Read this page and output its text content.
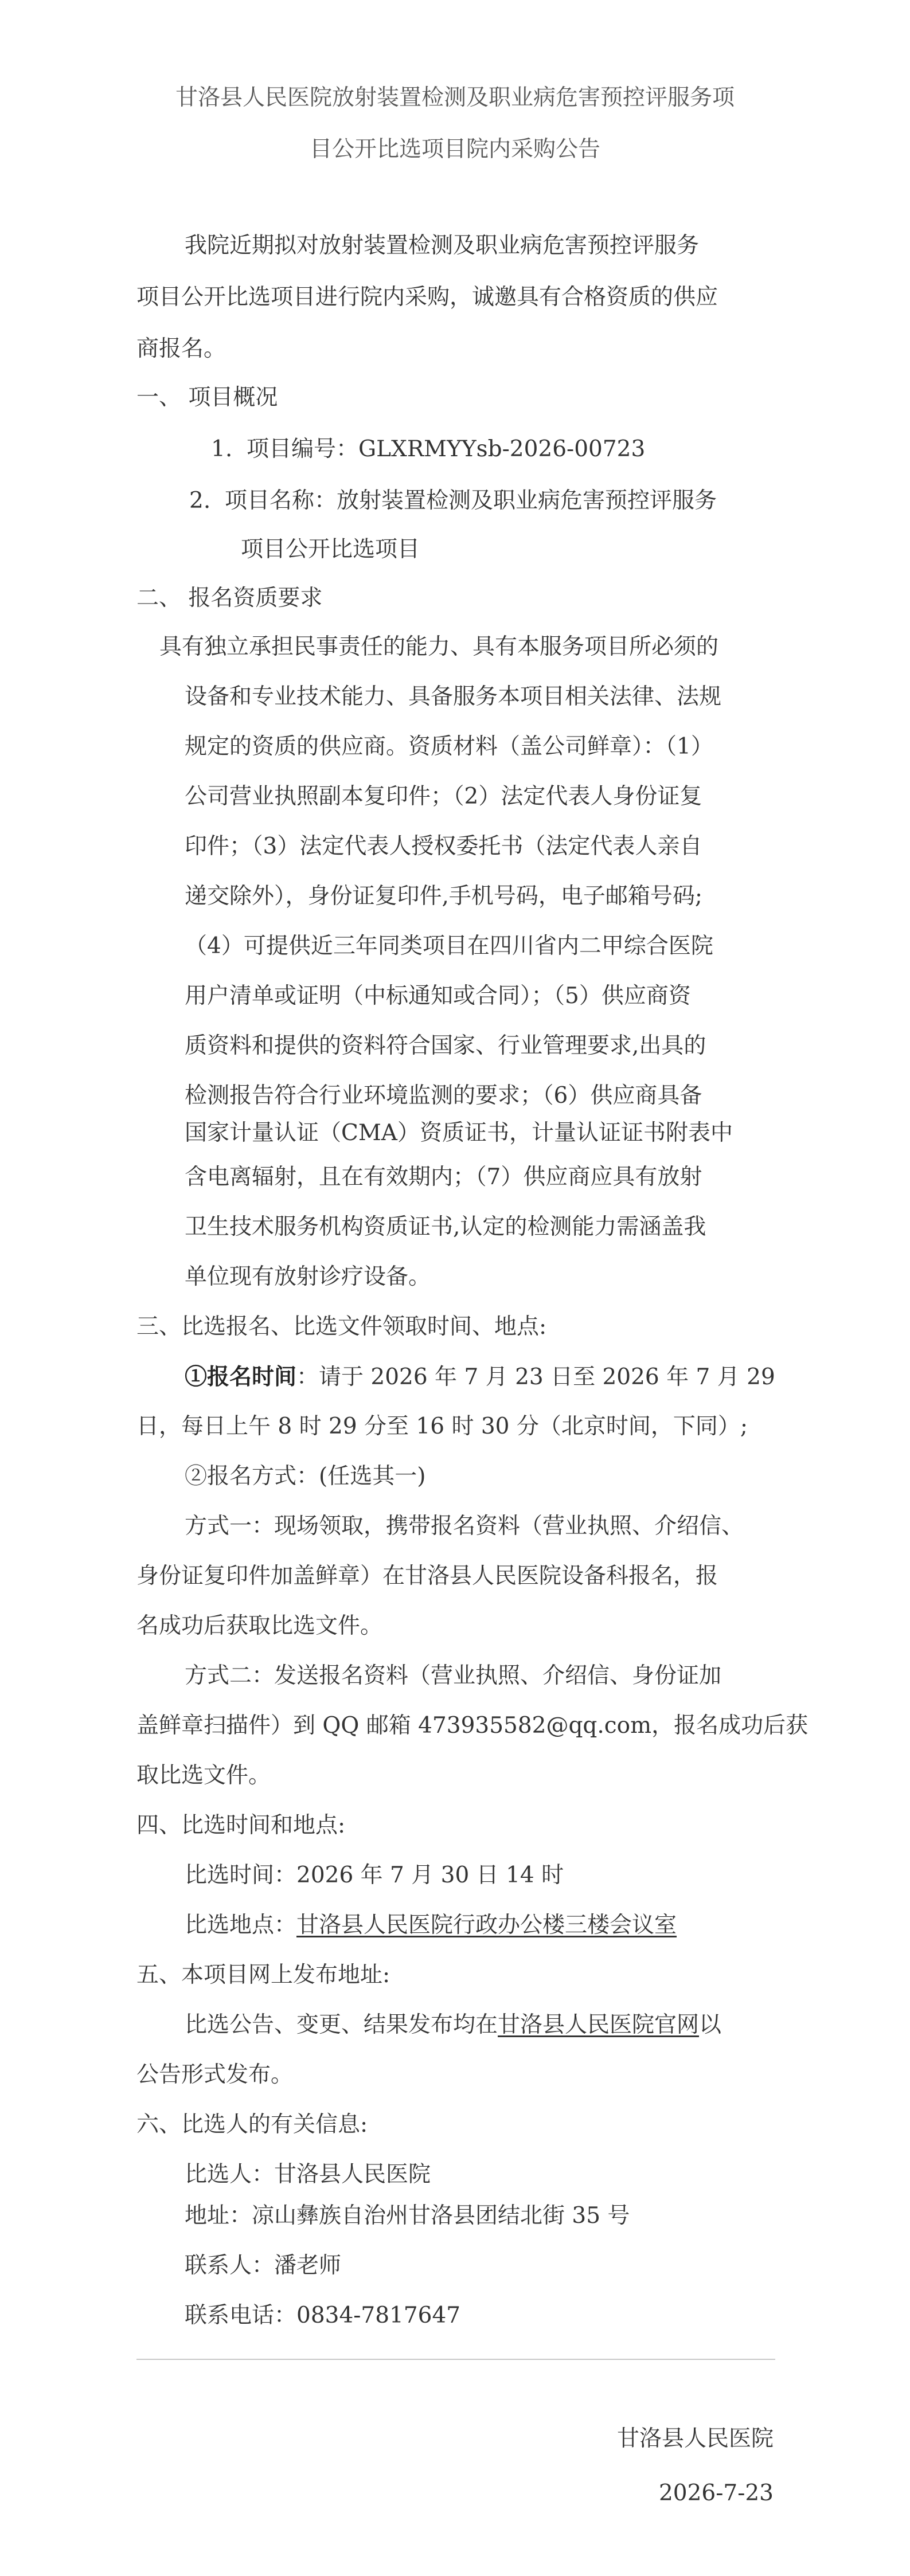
甘洛县人民医院放射装置检测及职业病危害预控评服务项
目公开比选项目院内采购公告
我院近期拟对放射装置检测及职业病危害预控评服务
项目公开比选项目进行院内采购，诚邀具有合格资质的供应
商报名。
一、 项目概况
1.  项目编号：GLXRMYYsb-2026-00723
2.  项目名称：放射装置检测及职业病危害预控评服务
项目公开比选项目
二、 报名资质要求
具有独立承担民事责任的能力、具有本服务项目所必须的
设备和专业技术能力、具备服务本项目相关法律、法规
规定的资质的供应商。资质材料（盖公司鲜章）：（1）
公司营业执照副本复印件；（2）法定代表人身份证复
印件；（3）法定代表人授权委托书（法定代表人亲自
递交除外），身份证复印件,手机号码，电子邮箱号码;
（4）可提供近三年同类项目在四川省内二甲综合医院
用户清单或证明（中标通知或合同）；（5）供应商资
质资料和提供的资料符合国家、行业管理要求,出具的
检测报告符合行业环境监测的要求；（6）供应商具备
国家计量认证（CMA）资质证书，计量认证证书附表中
含电离辐射，且在有效期内；（7）供应商应具有放射
卫生技术服务机构资质证书,认定的检测能力需涵盖我
单位现有放射诊疗设备。
三、比选报名、比选文件领取时间、地点:
①报名时间：请于 2026 年 7 月 23 日至 2026 年 7 月 29
日，每日上午 8 时 29 分至 16 时 30 分（北京时间，下同）;
②报名方式：(任选其一)
方式一：现场领取，携带报名资料（营业执照、介绍信、
身份证复印件加盖鲜章）在甘洛县人民医院设备科报名，报
名成功后获取比选文件。
方式二：发送报名资料（营业执照、介绍信、身份证加
盖鲜章扫描件）到 QQ 邮箱 473935582@qq.com，报名成功后获
取比选文件。
四、比选时间和地点:
比选时间：2026 年 7 月 30 日 14 时
比选地点：甘洛县人民医院行政办公楼三楼会议室
五、本项目网上发布地址:
比选公告、变更、结果发布均在甘洛县人民医院官网以
公告形式发布。
六、比选人的有关信息:
比选人：甘洛县人民医院
地址：凉山彝族自治州甘洛县团结北街 35 号
联系人：潘老师
联系电话：0834-7817647
甘洛县人民医院
2026-7-23
